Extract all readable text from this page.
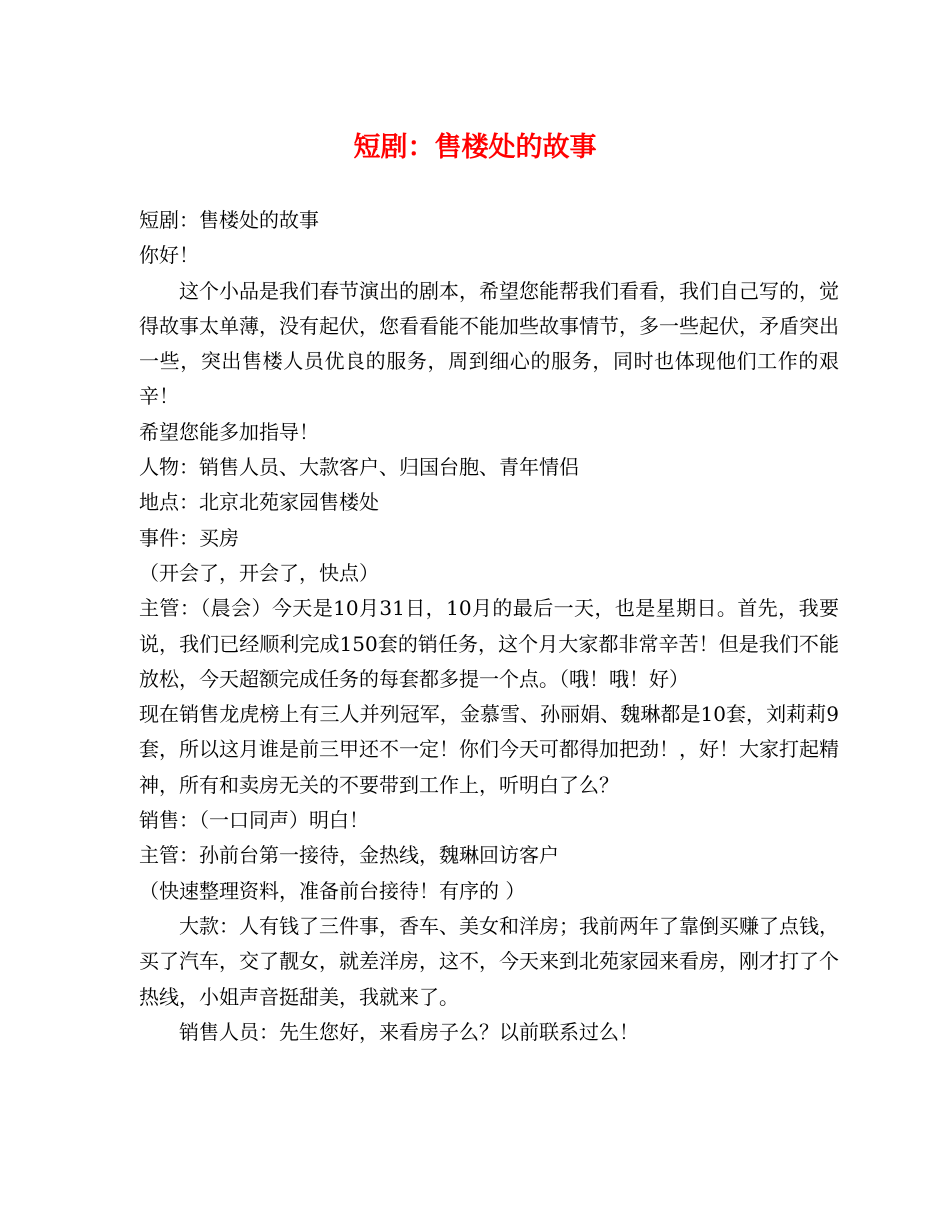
短剧：售楼处的故事

短剧：售楼处的故事

你好！

这个小品是我们春节演出的剧本，希望您能帮我们看看，我们自己写的，觉得故事太单薄，没有起伏，您看看能不能加些故事情节，多一些起伏，矛盾突出一些，突出售楼人员优良的服务，周到细心的服务，同时也体现他们工作的艰辛！

希望您能多加指导！

人物：销售人员、大款客户、归国台胞、青年情侣

地点：北京北苑家园售楼处

事件：买房

（开会了，开会了，快点）

主管：（晨会）今天是10月31日，10月的最后一天，也是星期日。首先，我要说，我们已经顺利完成150套的销任务，这个月大家都非常辛苦！但是我们不能放松，今天超额完成任务的每套都多提一个点。（哦！哦！好）

现在销售龙虎榜上有三人并列冠军，金慕雪、孙丽娟、魏琳都是10套，刘莉莉9套，所以这月谁是前三甲还不一定！你们今天可都得加把劲！，好！大家打起精神，所有和卖房无关的不要带到工作上，听明白了么？

销售：（一口同声）明白！

主管：孙前台第一接待，金热线，魏琳回访客户

（快速整理资料，准备前台接待！有序的 ）

大款：人有钱了三件事，香车、美女和洋房；我前两年了靠倒买赚了点钱，买了汽车，交了靓女，就差洋房，这不，今天来到北苑家园来看房，刚才打了个热线，小姐声音挺甜美，我就来了。

销售人员：先生您好，来看房子么？以前联系过么！
